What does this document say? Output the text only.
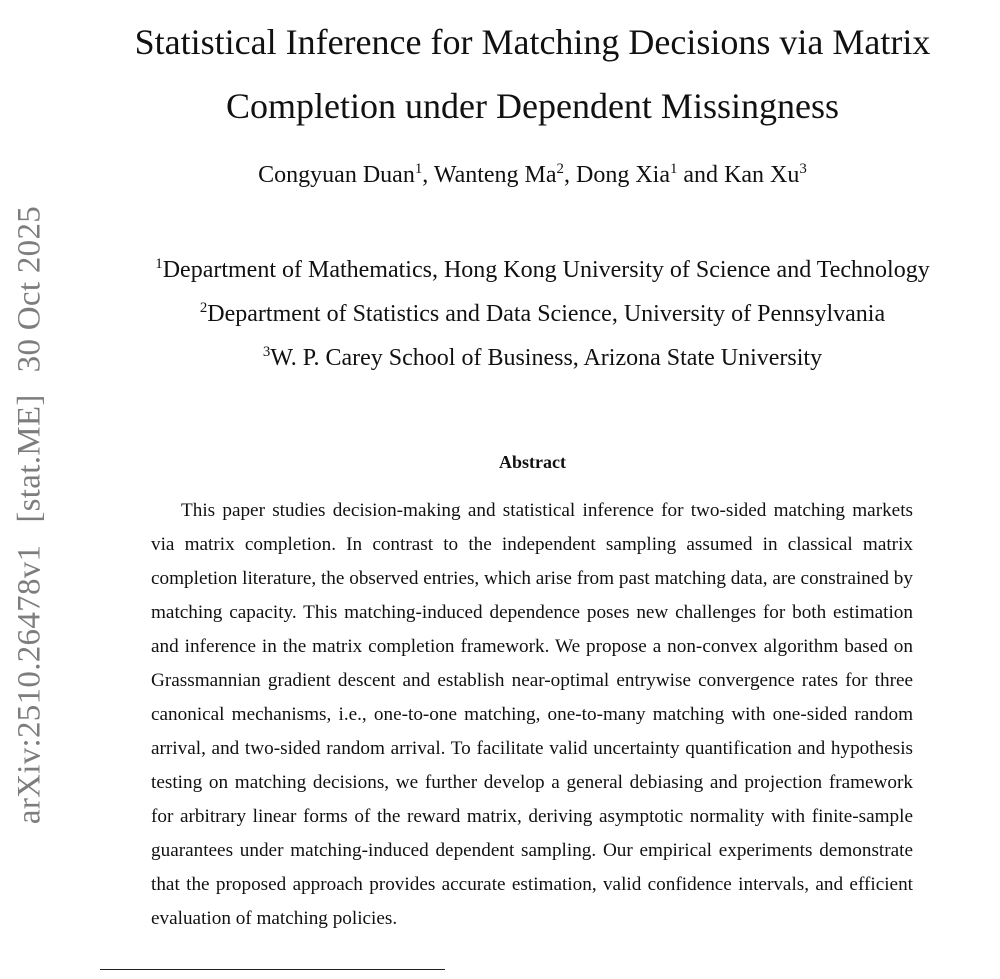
arXiv:2510.26478v1[stat.ME]30 Oct 2025
Statistical Inference for Matching Decisions via Matrix
Completion under Dependent Missingness
Congyuan Duan$^1$, Wanteng Ma$^2$, Dong Xia$^1$ and Kan Xu$^3$
$^1$Department of Mathematics, Hong Kong University of Science and Technology
$^2$Department of Statistics and Data Science, University of Pennsylvania
$^3$W. P. Carey School of Business, Arizona State University
Abstract

This paper studies decision-making and statistical inference for two-sided matching markets via matrix completion. In contrast to the independent sampling assumed in classical matrix completion literature, the observed entries, which arise from past matching data, are constrained by matching capacity. This matching-induced dependence poses new challenges for both estimation and inference in the matrix completion framework. We propose a non-convex algorithm based on Grassmannian gradient descent and establish near-optimal entrywise convergence rates for three canonical mechanisms, i.e., one-to-one matching, one-to-many matching with one-sided random arrival, and two-sided random arrival. To facilitate valid uncertainty quantification and hypothesis testing on matching decisions, we further develop a general debiasing and projection framework for arbitrary linear forms of the reward matrix, deriving asymptotic normality with finite-sample guarantees under matching-induced dependent sampling. Our empirical experiments demonstrate that the proposed approach provides accurate estimation, valid confidence intervals, and efficient evaluation of matching policies.
